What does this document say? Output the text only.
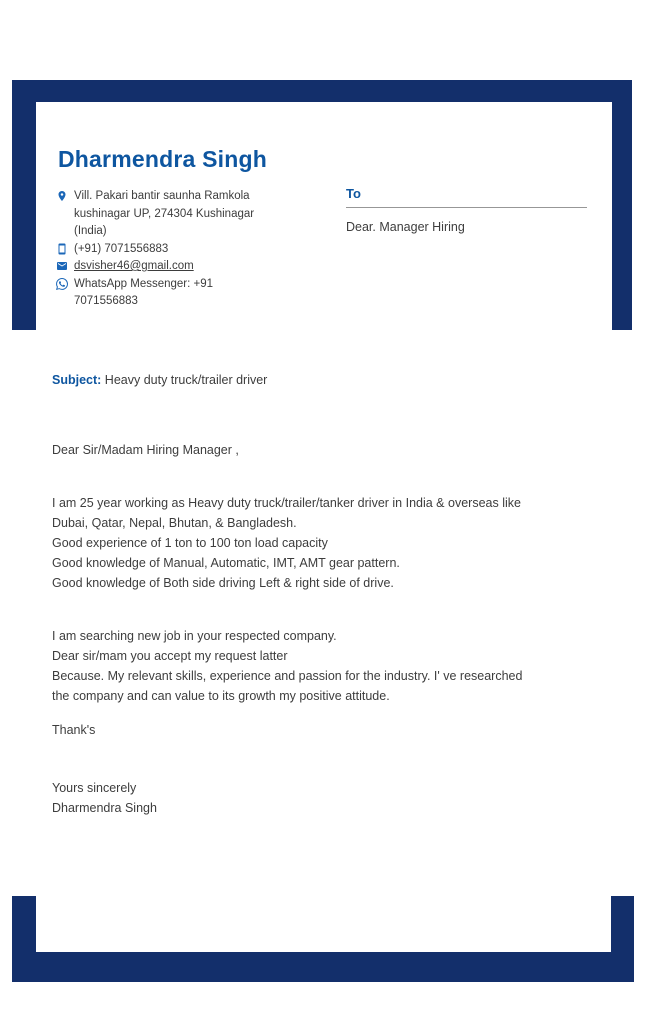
Dharmendra Singh
Vill. Pakari bantir saunha Ramkola
kushinagar UP, 274304 Kushinagar
(India)
(+91) 7071556883
dsvisher46@gmail.com
WhatsApp Messenger: +91
7071556883
To
Dear. Manager Hiring
Subject: Heavy duty truck/trailer driver
Dear Sir/Madam Hiring Manager ,
I am 25 year working as Heavy duty truck/trailer/tanker driver in India & overseas like
Dubai, Qatar, Nepal, Bhutan, & Bangladesh.
Good experience of 1 ton to 100 ton load capacity
Good knowledge of Manual, Automatic, IMT, AMT gear pattern.
Good knowledge of Both side driving Left & right side of drive.
I am searching new job in your respected company.
Dear sir/mam you accept my request latter
Because. My relevant skills, experience and passion for the industry. I' ve researched
the company and can value to its growth my positive attitude.
Thank's
Yours sincerely
Dharmendra Singh
